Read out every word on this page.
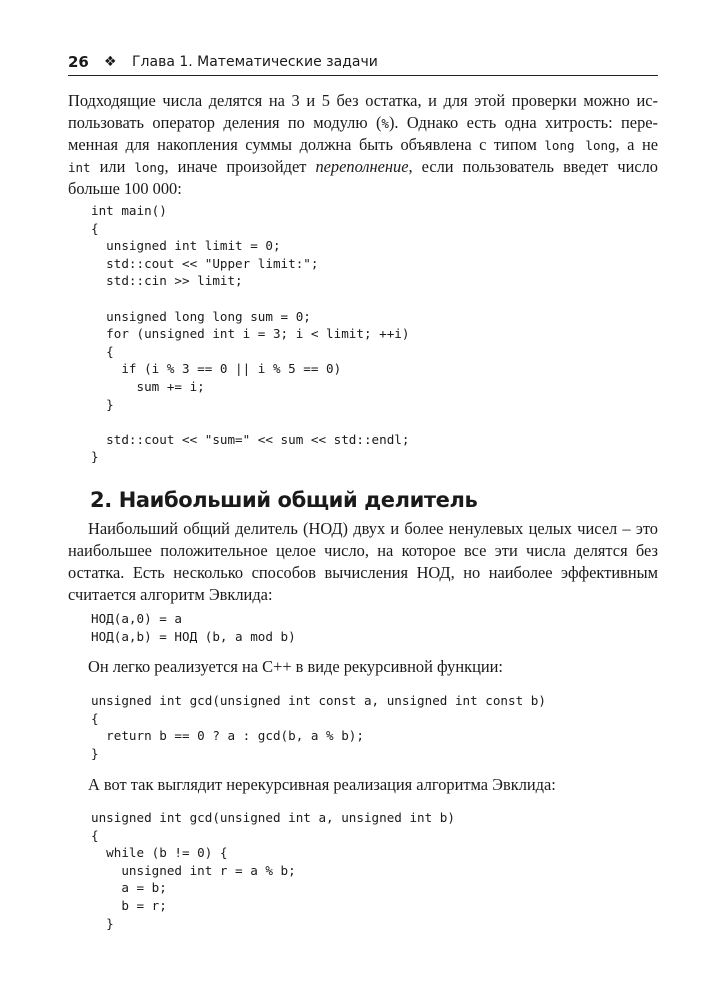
26 ❖ Глава 1. Математические задачи
Подходящие числа делятся на 3 и 5 без остатка, и для этой проверки можно ис-
пользовать оператор деления по модулю (%). Однако есть одна хитрость: пере-
менная для накопления суммы должна быть объявлена с типом long long, а не
int или long, иначе произойдет переполнение, если пользователь введет число
больше 100 000:
int main()
{
unsigned int limit = 0;
std::cout << "Upper limit:";
std::cin >> limit;
unsigned long long sum = 0;
for (unsigned int i = 3; i < limit; ++i)
{
if (i % 3 == 0 || i % 5 == 0)
sum += i;
}
std::cout << "sum=" << sum << std::endl;
}
2. Наибольший общий делитель
Наибольший общий делитель (НОД) двух и более ненулевых целых чисел – это
наибольшее положительное целое число, на которое все эти числа делятся без
остатка. Есть несколько способов вычисления НОД, но наиболее эффективным
считается алгоритм Эвклида:
НОД(a,0) = a
НОД(a,b) = НОД (b, a mod b)
Он легко реализуется на C++ в виде рекурсивной функции:
unsigned int gcd(unsigned int const a, unsigned int const b)
{
return b == 0 ? a : gcd(b, a % b);
}
А вот так выглядит нерекурсивная реализация алгоритма Эвклида:
unsigned int gcd(unsigned int a, unsigned int b)
{
while (b != 0) {
unsigned int r = a % b;
a = b;
b = r;
}
